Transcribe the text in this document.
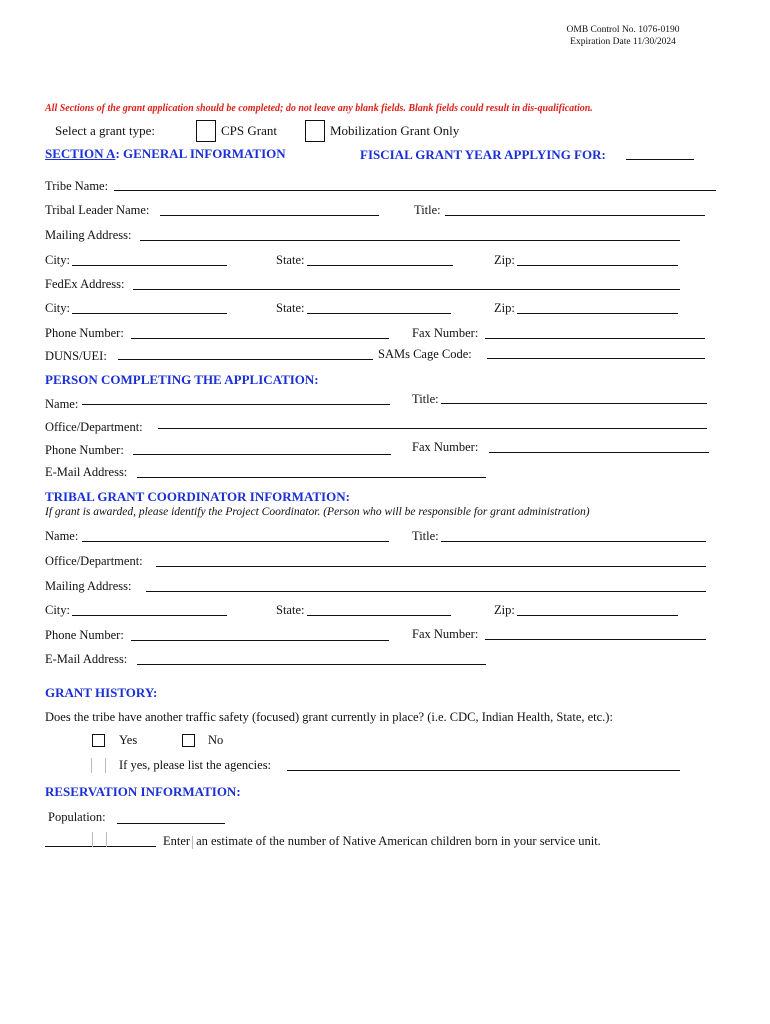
OMB Control No. 1076-0190
Expiration Date 11/30/2024
All Sections of the grant application should be completed; do not leave any blank fields. Blank fields could result in dis-qualification.
Select a grant type:	CPS Grant	Mobilization Grant Only
SECTION A: GENERAL INFORMATION	FISCIAL GRANT YEAR APPLYING FOR:
Tribe Name:
Tribal Leader Name:	Title:
Mailing Address:
City:	State:	Zip:
FedEx Address:
City:	State:	Zip:
Phone Number:	Fax Number:
DUNS/UEI:	SAMs Cage Code:
PERSON COMPLETING THE APPLICATION:
Name:	Title:
Office/Department:
Phone Number:	Fax Number:
E-Mail Address:
TRIBAL GRANT COORDINATOR INFORMATION:
If grant is awarded, please identify the Project Coordinator. (Person who will be responsible for grant administration)
Name:	Title:
Office/Department:
Mailing Address:
City:	State:	Zip:
Phone Number:	Fax Number:
E-Mail Address:
GRANT HISTORY:
Does the tribe have another traffic safety (focused) grant currently in place? (i.e. CDC, Indian Health, State, etc.):
Yes	No
If yes, please list the agencies:
RESERVATION INFORMATION:
Population:
Enter an estimate of the number of Native American children born in your service unit.
